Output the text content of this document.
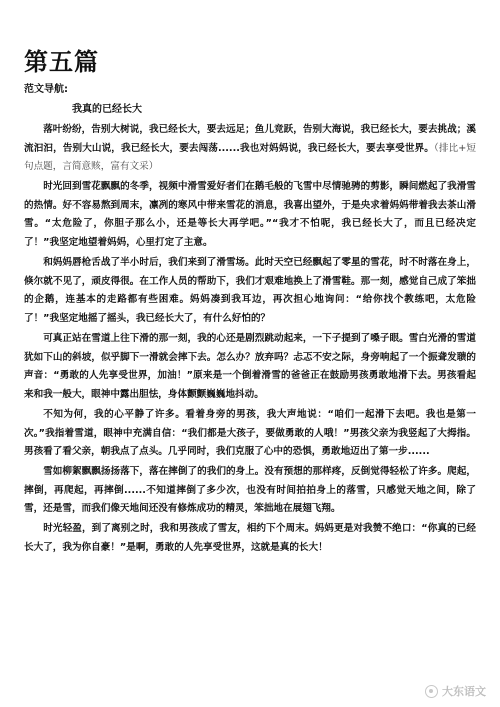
第五篇
范文导航:
我真的已经长大

落叶纷纷，告别大树说，我已经长大，要去远足；鱼儿竞跃，告别大海说，我已经长大，要去挑战；溪流汩汩，告别大山说，我已经长大，要去闯荡......我也对妈妈说，我已经长大，要去享受世界。（排比+短句点题，言简意赅，富有文采）

时光回到雪花飘飘的冬季，视频中滑雪爱好者们在鹅毛般的飞雪中尽情驰骋的剪影，瞬间燃起了我滑雪的热情。好不容易熬到周末，凛冽的寒风中带来雪花的消息，我喜出望外，于是央求着妈妈带着我去茶山滑雪。“太危险了，你胆子那么小，还是等长大再学吧。”“我才不怕呢，我已经长大了，而且已经决定了！”我坚定地望着妈妈，心里打定了主意。

和妈妈唇枪舌战了半小时后，我们来到了滑雪场。此时天空已经飘起了零星的雪花，时不时落在身上，倏尔就不见了，顽皮得很。在工作人员的帮助下，我们才艰难地换上了滑雪鞋。那一刻，感觉自己成了笨拙的企鹅，连基本的走路都有些困难。妈妈凑到我耳边，再次担心地询问：“给你找个教练吧，太危险了！”我坚定地摇了摇头，我已经长大了，有什么好怕的？

可真正站在雪道上往下滑的那一刻，我的心还是剧烈跳动起来，一下子提到了嗓子眼。雪白光滑的雪道犹如下山的斜坡，似乎脚下一滑就会摔下去。怎么办？放弃吗？忐忑不安之际，身旁响起了一个振聋发聩的声音：“勇敢的人先享受世界，加油！”原来是一个倒着滑雪的爸爸正在鼓励男孩勇敢地滑下去。男孩看起来和我一般大，眼神中露出胆怯，身体颤颤巍巍地抖动。

不知为何，我的心平静了许多。看着身旁的男孩，我大声地说：“咱们一起滑下去吧。我也是第一次。”我指着雪道，眼神中充满自信：“我们都是大孩子，要做勇敢的人哦！”男孩父亲为我竖起了大拇指。男孩看了看父亲，朝我点了点头。几乎同时，我们克服了心中的恐惧，勇敢地迈出了第一步......

雪如柳絮飘飘扬扬落下，落在摔倒了的我们的身上。没有预想的那样疼，反倒觉得轻松了许多。爬起，摔倒，再爬起，再摔倒......不知道摔倒了多少次，也没有时间拍拍身上的落雪，只感觉天地之间，除了雪，还是雪，而我们像天地间还没有修炼成功的精灵，笨拙地在展翅飞翔。

时光轻盈，到了离别之时，我和男孩成了雪友，相约下个周末。妈妈更是对我赞不绝口：“你真的已经长大了，我为你自豪！”是啊，勇敢的人先享受世界，这就是真的长大！

大东语文
